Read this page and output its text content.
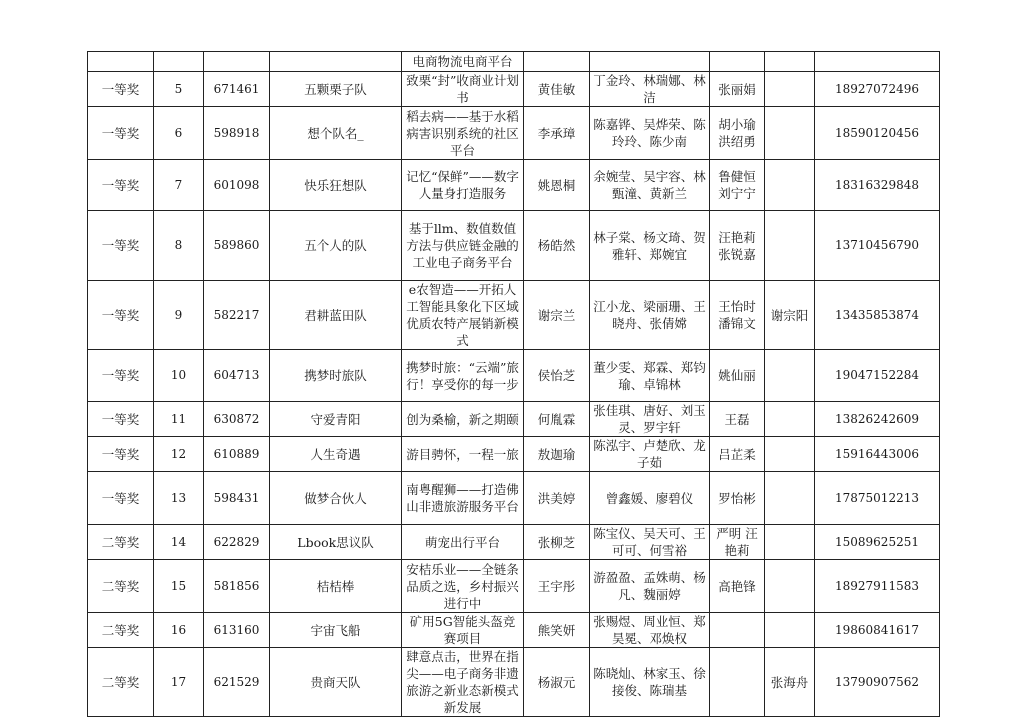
				电商物流电商平台					
一等奖	5	671461	五颗栗子队	致栗“封”收商业计划书	黄佳敏	丁金玲、林瑞娜、林洁	张丽娟		18927072496
一等奖	6	598918	想个队名_	稻去病——基于水稻病害识别系统的社区平台	李承璋	陈嘉铧、吴烨荣、陈玲玲、陈少南	胡小瑜 洪绍勇		18590120456
一等奖	7	601098	快乐狂想队	记忆“保鲜”——数字人量身打造服务	姚恩桐	余婉莹、吴宇容、林甄潼、黄新兰	鲁健恒 刘宁宁		18316329848
一等奖	8	589860	五个人的队	基于llm、数值数值方法与供应链金融的工业电子商务平台	杨皓然	林子棠、杨文琦、贺雅轩、郑婉宜	汪艳莉 张锐嘉		13710456790
一等奖	9	582217	君耕蓝田队	e农智造——开拓人工智能具象化下区域优质农特产展销新模式	谢宗兰	江小龙、梁丽珊、王晓舟、张倩嫦	王怡时 潘锦文	谢宗阳	13435853874
一等奖	10	604713	携梦时旅队	携梦时旅：“云端”旅行！享受你的每一步	侯怡芝	董少雯、郑霖、郑钧瑜、卓锦林	姚仙丽		19047152284
一等奖	11	630872	守爱青阳	创为桑榆，新之期颐	何胤霖	张佳琪、唐好、刘玉灵、罗宇轩	王磊		13826242609
一等奖	12	610889	人生奇遇	游目骋怀，一程一旅	敖迦瑜	陈泓宇、卢楚欣、龙子茹	吕芷柔		15916443006
一等奖	13	598431	做梦合伙人	南粤醒狮——打造佛山非遗旅游服务平台	洪美婷	曾鑫媛、廖碧仪	罗怡彬		17875012213
二等奖	14	622829	Lbook思议队	萌宠出行平台	张柳芝	陈宝仪、吴天可、王可可、何雪裕	严明 汪艳莉		15089625251
二等奖	15	581856	桔桔棒	安桔乐业——全链条品质之选，乡村振兴进行中	王宇彤	游盈盈、孟姝萌、杨凡、魏丽婷	高艳锋		18927911583
二等奖	16	613160	宇宙飞船	矿用5G智能头盔竞赛项目	熊笑妍	张赐煜、周业恒、郑昊冕、邓焕权			19860841617
二等奖	17	621529	贵商天队	肆意点击，世界在指尖——电子商务非遗旅游之新业态新模式新发展	杨淑元	陈晓灿、林家玉、徐接俊、陈瑞基		张海舟	13790907562
